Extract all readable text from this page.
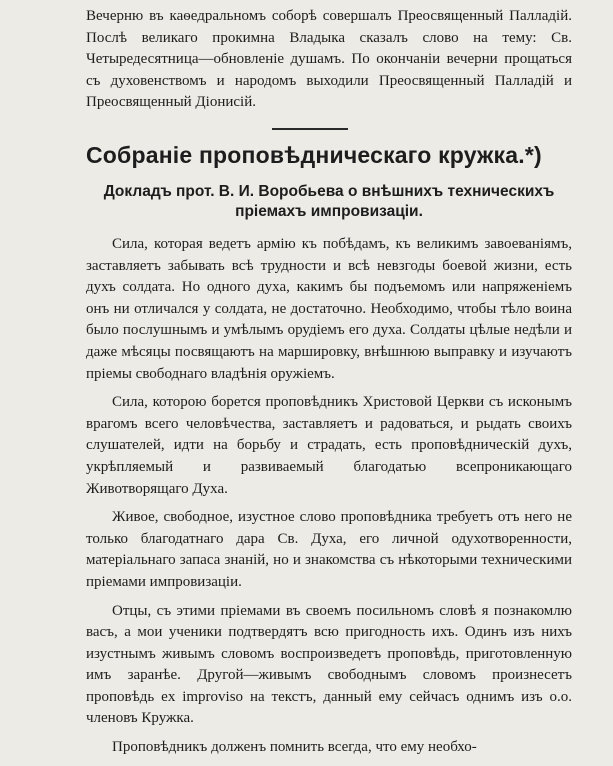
Вечерню въ каѳедральномъ соборѣ совершалъ Преосвященный Палладій. Послѣ великаго прокимна Владыка сказалъ слово на тему: Св. Четыредесятница—обновленіе душамъ. По окончаніи вечерни прощаться съ духовенствомъ и народомъ выходили Преосвященный Палладій и Преосвященный Діонисій.

Собраніе проповѣдническаго кружка.*)
Докладъ прот. В. И. Воробьева о внѣшнихъ техническихъ пріемахъ импровизаціи.

Сила, которая ведетъ армію къ побѣдамъ, къ великимъ завоеваніямъ, заставляетъ забывать всѣ трудности и всѣ невзгоды боевой жизни, есть духъ солдата. Но одного духа, какимъ бы подъемомъ или напряженіемъ онъ ни отличался у солдата, не достаточно. Необходимо, чтобы тѣло воина было послушнымъ и умѣлымъ орудіемъ его духа. Солдаты цѣлые недѣли и даже мѣсяцы посвящаютъ на маршировку, внѣшнюю выправку и изучаютъ пріемы свободнаго владѣнія оружіемъ.

Сила, которою борется проповѣдникъ Христовой Церкви съ исконымъ врагомъ всего человѣчества, заставляетъ и радоваться, и рыдать своихъ слушателей, идти на борьбу и страдать, есть проповѣдническій духъ, укрѣпляемый и развиваемый благодатью всепроникающаго Животворящаго Духа.

Живое, свободное, изустное слово проповѣдника требуетъ отъ него не только благодатнаго дара Св. Духа, его личной одухотворенности, матеріальнаго запаса знаній, но и знакомства съ нѣкоторыми техническими пріемами импровизаціи.

Отцы, съ этими пріемами въ своемъ посильномъ словѣ я познакомлю васъ, а мои ученики подтвердятъ всю пригодность ихъ. Одинъ изъ нихъ изустнымъ живымъ словомъ воспроизведетъ проповѣдь, приготовленную имъ заранѣе. Другой—живымъ свободнымъ словомъ произнесетъ проповѣдь ex improviso на текстъ, данный ему сейчасъ однимъ изъ о.о. членовъ Кружка.

Проповѣдникъ долженъ помнить всегда, что ему необхо-
